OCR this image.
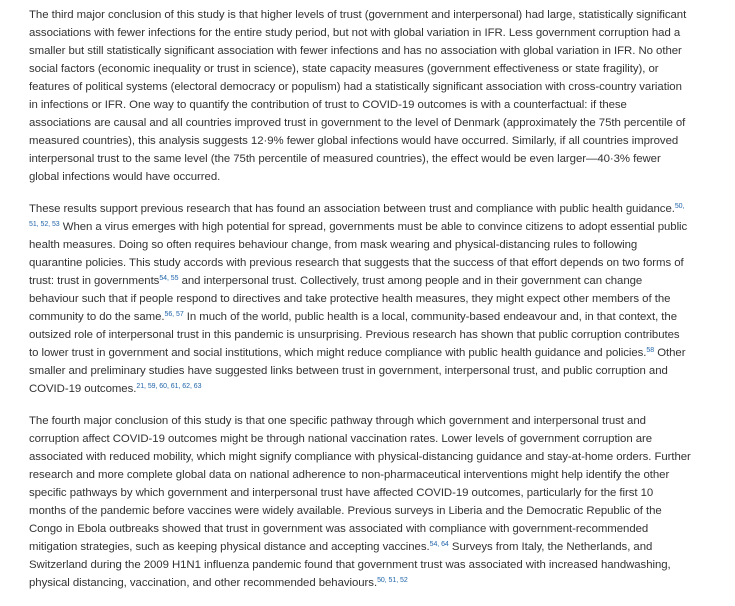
The third major conclusion of this study is that higher levels of trust (government and interpersonal) had large, statistically significant associations with fewer infections for the entire study period, but not with global variation in IFR. Less government corruption had a smaller but still statistically significant association with fewer infections and has no association with global variation in IFR. No other social factors (economic inequality or trust in science), state capacity measures (government effectiveness or state fragility), or features of political systems (electoral democracy or populism) had a statistically significant association with cross-country variation in infections or IFR. One way to quantify the contribution of trust to COVID-19 outcomes is with a counterfactual: if these associations are causal and all countries improved trust in government to the level of Denmark (approximately the 75th percentile of measured countries), this analysis suggests 12·9% fewer global infections would have occurred. Similarly, if all countries improved interpersonal trust to the same level (the 75th percentile of measured countries), the effect would be even larger—40·3% fewer global infections would have occurred.

These results support previous research that has found an association between trust and compliance with public health guidance.$^{50, 51, 52, 53}$ When a virus emerges with high potential for spread, governments must be able to convince citizens to adopt essential public health measures. Doing so often requires behaviour change, from mask wearing and physical-distancing rules to following quarantine policies. This study accords with previous research that suggests that the success of that effort depends on two forms of trust: trust in governments$^{54, 55}$ and interpersonal trust. Collectively, trust among people and in their government can change behaviour such that if people respond to directives and take protective health measures, they might expect other members of the community to do the same.$^{56, 57}$ In much of the world, public health is a local, community-based endeavour and, in that context, the outsized role of interpersonal trust in this pandemic is unsurprising. Previous research has shown that public corruption contributes to lower trust in government and social institutions, which might reduce compliance with public health guidance and policies.$^{58}$ Other smaller and preliminary studies have suggested links between trust in government, interpersonal trust, and public corruption and COVID-19 outcomes.$^{21, 59, 60, 61, 62, 63}$

The fourth major conclusion of this study is that one specific pathway through which government and interpersonal trust and corruption affect COVID-19 outcomes might be through national vaccination rates. Lower levels of government corruption are associated with reduced mobility, which might signify compliance with physical-distancing guidance and stay-at-home orders. Further research and more complete global data on national adherence to non-pharmaceutical interventions might help identify the other specific pathways by which government and interpersonal trust have affected COVID-19 outcomes, particularly for the first 10 months of the pandemic before vaccines were widely available. Previous surveys in Liberia and the Democratic Republic of the Congo in Ebola outbreaks showed that trust in government was associated with compliance with government-recommended mitigation strategies, such as keeping physical distance and accepting vaccines.$^{54, 64}$ Surveys from Italy, the Netherlands, and Switzerland during the 2009 H1N1 influenza pandemic found that government trust was associated with increased handwashing, physical distancing, vaccination, and other recommended behaviours.$^{50, 51, 52}$
